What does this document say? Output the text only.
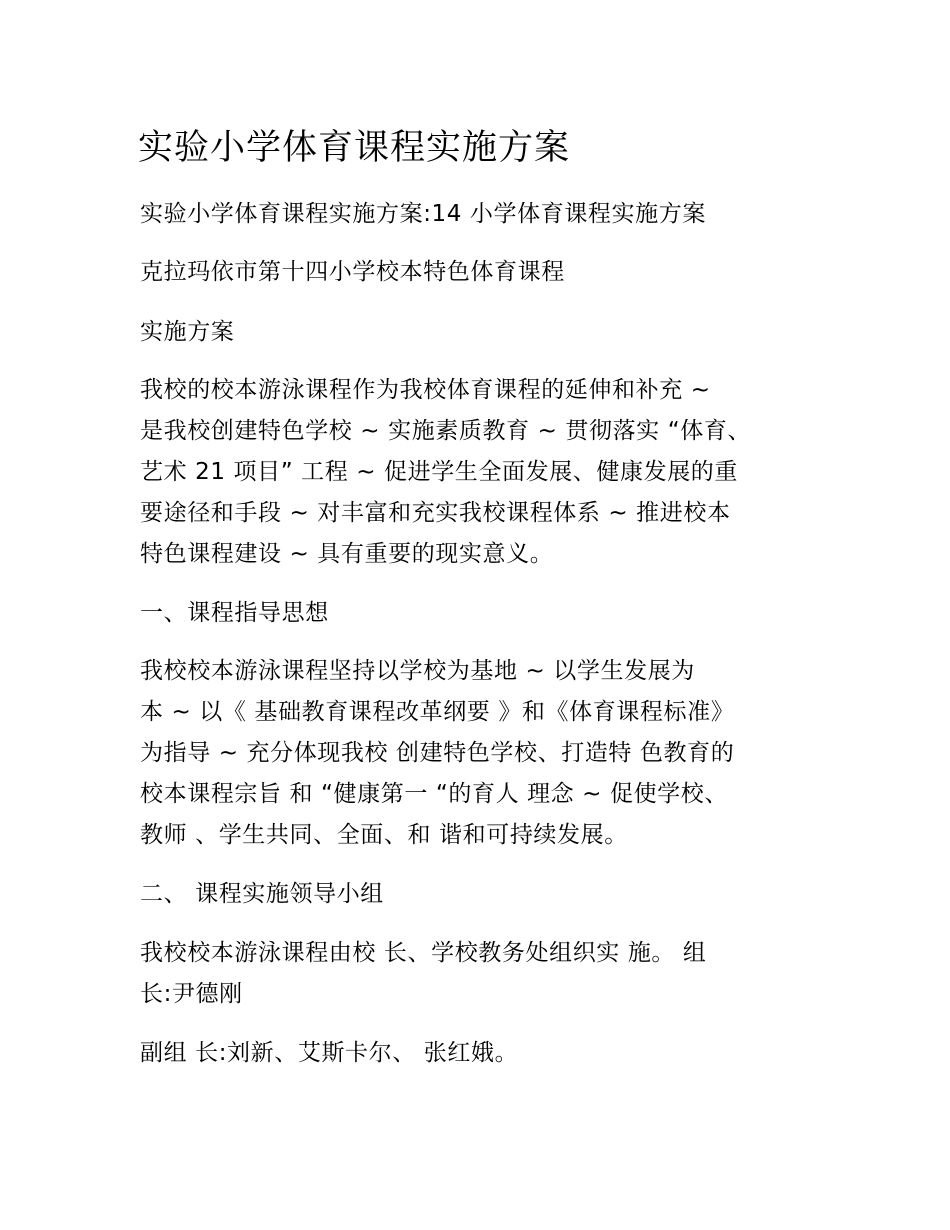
实验小学体育课程实施方案
实验小学体育课程实施方案:14 小学体育课程实施方案
克拉玛依市第十四小学校本特色体育课程
实施方案
我校的校本游泳课程作为我校体育课程的延伸和补充 ~
是我校创建特色学校 ~ 实施素质教育 ~ 贯彻落实 “体育、
艺术 21 项目” 工程 ~ 促进学生全面发展、健康发展的重
要途径和手段 ~ 对丰富和充实我校课程体系 ~ 推进校本
特色课程建设 ~ 具有重要的现实意义。
一、课程指导思想
我校校本游泳课程坚持以学校为基地 ~ 以学生发展为
本 ~ 以《 基础教育课程改革纲要 》和《体育课程标准》
为指导 ~ 充分体现我校 创建特色学校、打造特 色教育的
校本课程宗旨 和 “健康第一 “的育人 理念 ~ 促使学校、
教师 、学生共同、全面、和 谐和可持续发展。
二、 课程实施领导小组
我校校本游泳课程由校 长、学校教务处组织实 施。 组
长:尹德刚
副组 长:刘新、艾斯卡尔、 张红娥。
